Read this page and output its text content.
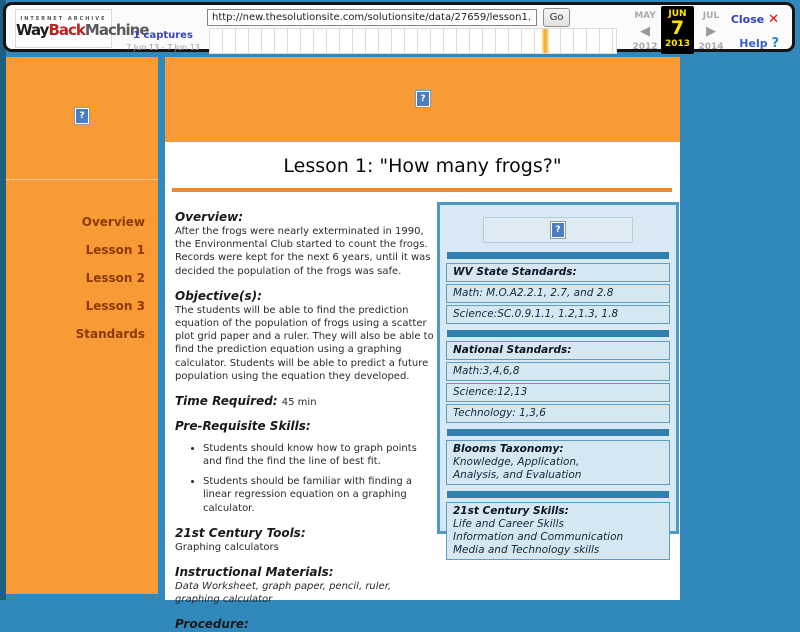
INTERNET ARCHIVE
WayBackMachine
http://new.thesolutionsite.com/solutionsite/data/27659/lesson1.htm
Go
1 captures
7 Jun 13 - 7 Jun 13
MAY
◀
2012
JUN
7
2013
JUL
▶
2014
Close ✕
Help ?
?
Overview
Lesson 1
Lesson 2
Lesson 3
Standards
?
Lesson 1: "How many frogs?"
Overview:

After the frogs were nearly exterminated in 1990, the Environmental Club started to count the frogs. Records were kept for the next 6 years, until it was decided the population of the frogs was safe.

Objective(s):

The students will be able to find the prediction equation of the population of frogs using a scatter plot grid paper and a ruler. They will also be able to find the prediction equation using a graphing calculator. Students will be able to predict a future population using the equation they developed.

Time Required: 45 min
Pre-Requisite Skills:
• Students should know how to graph points and find the find the line of best fit.
• Students should be familiar with finding a linear regression equation on a graphing calculator.
21st Century Tools:

Graphing calculators

Instructional Materials:

Data Worksheet, graph paper, pencil, ruler, graphing calculator

Procedure:
?
WV State Standards:
Math: M.O.A2.2.1, 2.7, and 2.8
Science:SC.0.9.1.1, 1.2,1.3, 1.8
National Standards:
Math:3,4,6,8
Science:12,13
Technology: 1,3,6
Blooms Taxonomy:
Knowledge, Application,
Analysis, and Evaluation
21st Century Skills:
Life and Career Skills
Information and Communication
Media and Technology skills
